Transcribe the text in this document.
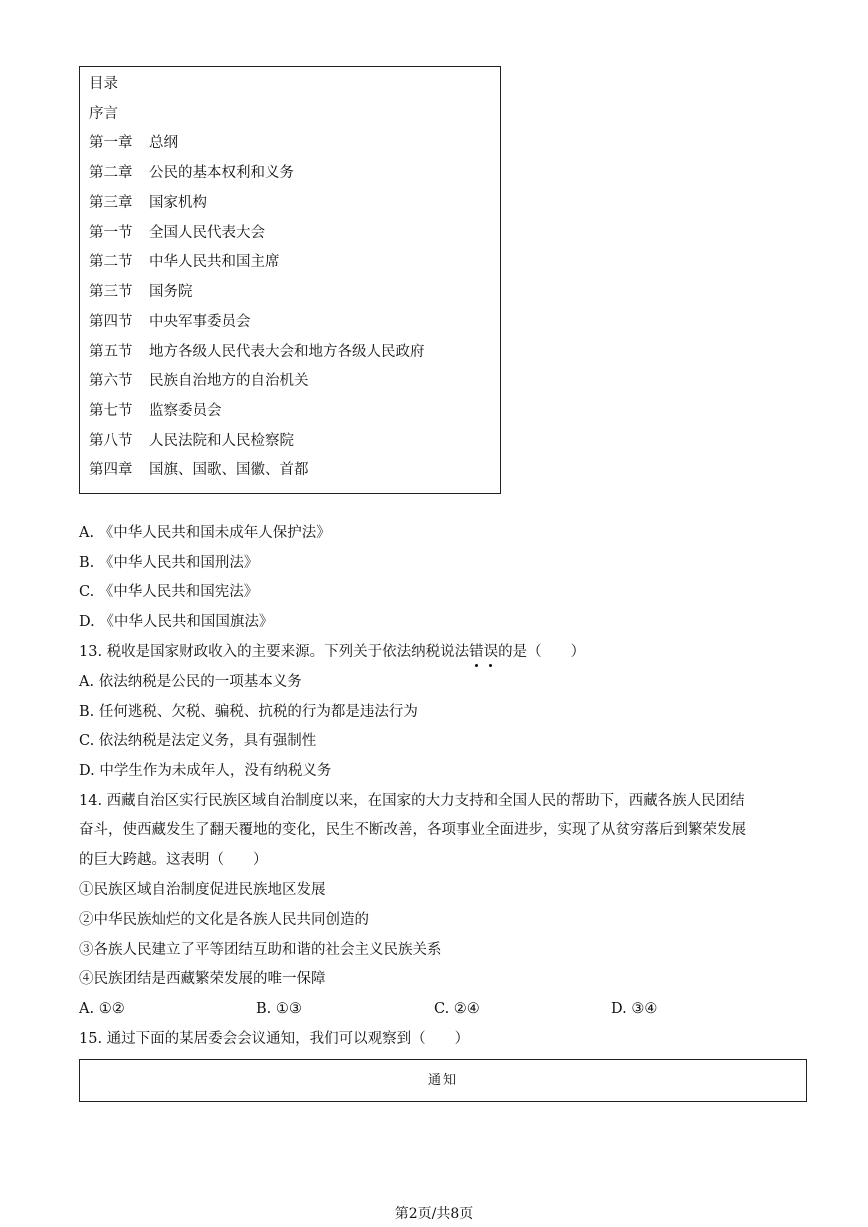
目录
序言
第一章 总纲
第二章 公民的基本权利和义务
第三章 国家机构
第一节 全国人民代表大会
第二节 中华人民共和国主席
第三节 国务院
第四节 中央军事委员会
第五节 地方各级人民代表大会和地方各级人民政府
第六节 民族自治地方的自治机关
第七节 监察委员会
第八节 人民法院和人民检察院
第四章 国旗、国歌、国徽、首都
A. 《中华人民共和国未成年人保护法》
B. 《中华人民共和国刑法》
C. 《中华人民共和国宪法》
D. 《中华人民共和国国旗法》
13. 税收是国家财政收入的主要来源。下列关于依法纳税说法错误的是（　　）
A. 依法纳税是公民的一项基本义务
B. 任何逃税、欠税、骗税、抗税的行为都是违法行为
C. 依法纳税是法定义务，具有强制性
D. 中学生作为未成年人，没有纳税义务
14. 西藏自治区实行民族区域自治制度以来，在国家的大力支持和全国人民的帮助下，西藏各族人民团结
奋斗，使西藏发生了翻天覆地的变化，民生不断改善，各项事业全面进步，实现了从贫穷落后到繁荣发展
的巨大跨越。这表明（　　）
①民族区域自治制度促进民族地区发展
②中华民族灿烂的文化是各族人民共同创造的
③各族人民建立了平等团结互助和谐的社会主义民族关系
④民族团结是西藏繁荣发展的唯一保障
A. ①②	B. ①③	C. ②④	D. ③④
15. 通过下面的某居委会会议通知，我们可以观察到（　　）
通知
第2页/共8页
